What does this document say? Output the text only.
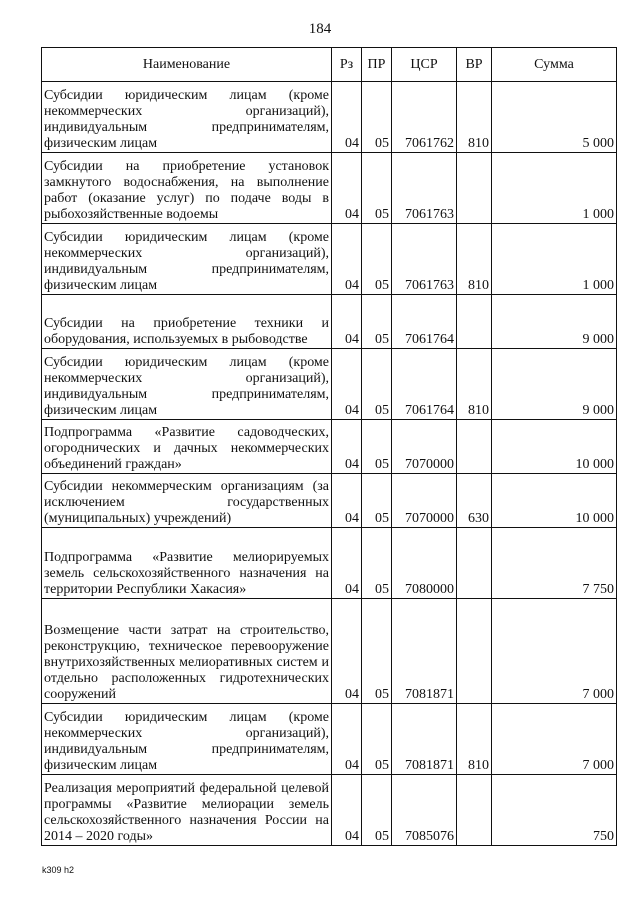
184
Наименование	Рз	ПР	ЦСР	ВР	Сумма
Субсидии юридическим лицам (кроме некоммерческих организаций), индивидуальным предпринимателям, физическим лицам	04	05	7061762	810	5 000
Субсидии на приобретение установок замкнутого водоснабжения, на выполнение работ (оказание услуг) по подаче воды в рыбохозяйственные водоемы	04	05	7061763		1 000
Субсидии юридическим лицам (кроме некоммерческих организаций), индивидуальным предпринимателям, физическим лицам	04	05	7061763	810	1 000
Субсидии на приобретение техники и оборудования, используемых в рыбоводстве	04	05	7061764		9 000
Субсидии юридическим лицам (кроме некоммерческих организаций), индивидуальным предпринимателям, физическим лицам	04	05	7061764	810	9 000
Подпрограмма «Развитие садоводческих, огороднических и дачных некоммерческих объединений граждан»	04	05	7070000		10 000
Субсидии некоммерческим организациям (за исключением государственных (муниципальных) учреждений)	04	05	7070000	630	10 000
Подпрограмма «Развитие мелиорируемых земель сельскохозяйственного назначения на территории Республики Хакасия»	04	05	7080000		7 750
Возмещение части затрат на строительство, реконструкцию, техническое перевооружение внутрихозяйственных мелиоративных систем и отдельно расположенных гидротехнических сооружений	04	05	7081871		7 000
Субсидии юридическим лицам (кроме некоммерческих организаций), индивидуальным предпринимателям, физическим лицам	04	05	7081871	810	7 000
Реализация мероприятий федеральной целевой программы «Развитие мелиорации земель сельскохозяйственного назначения России на 2014 – 2020 годы»	04	05	7085076		750
k309 h2
